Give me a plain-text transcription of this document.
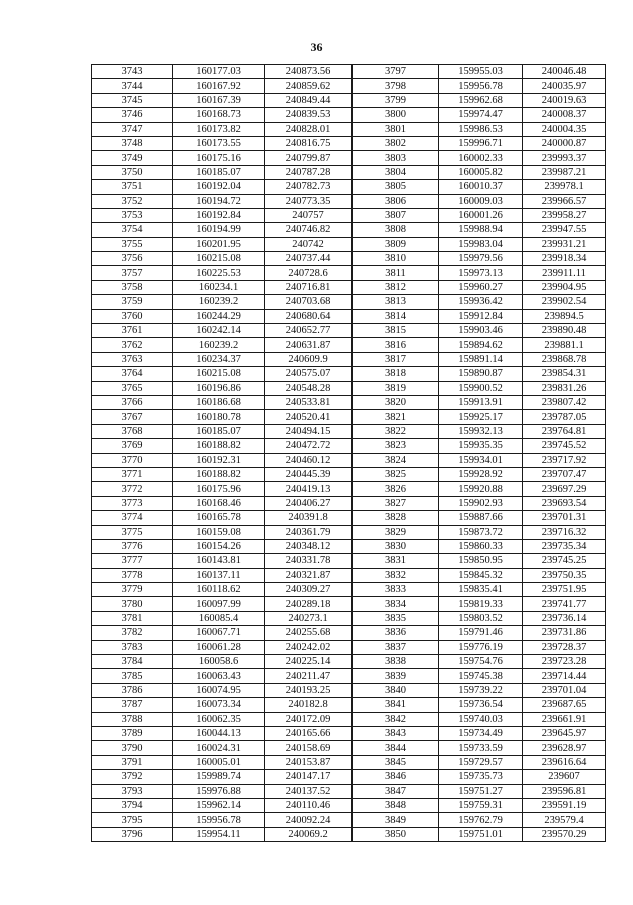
36
3743	160177.03	240873.56	3797	159955.03	240046.48
3744	160167.92	240859.62	3798	159956.78	240035.97
3745	160167.39	240849.44	3799	159962.68	240019.63
3746	160168.73	240839.53	3800	159974.47	240008.37
3747	160173.82	240828.01	3801	159986.53	240004.35
3748	160173.55	240816.75	3802	159996.71	240000.87
3749	160175.16	240799.87	3803	160002.33	239993.37
3750	160185.07	240787.28	3804	160005.82	239987.21
3751	160192.04	240782.73	3805	160010.37	239978.1
3752	160194.72	240773.35	3806	160009.03	239966.57
3753	160192.84	240757	3807	160001.26	239958.27
3754	160194.99	240746.82	3808	159988.94	239947.55
3755	160201.95	240742	3809	159983.04	239931.21
3756	160215.08	240737.44	3810	159979.56	239918.34
3757	160225.53	240728.6	3811	159973.13	239911.11
3758	160234.1	240716.81	3812	159960.27	239904.95
3759	160239.2	240703.68	3813	159936.42	239902.54
3760	160244.29	240680.64	3814	159912.84	239894.5
3761	160242.14	240652.77	3815	159903.46	239890.48
3762	160239.2	240631.87	3816	159894.62	239881.1
3763	160234.37	240609.9	3817	159891.14	239868.78
3764	160215.08	240575.07	3818	159890.87	239854.31
3765	160196.86	240548.28	3819	159900.52	239831.26
3766	160186.68	240533.81	3820	159913.91	239807.42
3767	160180.78	240520.41	3821	159925.17	239787.05
3768	160185.07	240494.15	3822	159932.13	239764.81
3769	160188.82	240472.72	3823	159935.35	239745.52
3770	160192.31	240460.12	3824	159934.01	239717.92
3771	160188.82	240445.39	3825	159928.92	239707.47
3772	160175.96	240419.13	3826	159920.88	239697.29
3773	160168.46	240406.27	3827	159902.93	239693.54
3774	160165.78	240391.8	3828	159887.66	239701.31
3775	160159.08	240361.79	3829	159873.72	239716.32
3776	160154.26	240348.12	3830	159860.33	239735.34
3777	160143.81	240331.78	3831	159850.95	239745.25
3778	160137.11	240321.87	3832	159845.32	239750.35
3779	160118.62	240309.27	3833	159835.41	239751.95
3780	160097.99	240289.18	3834	159819.33	239741.77
3781	160085.4	240273.1	3835	159803.52	239736.14
3782	160067.71	240255.68	3836	159791.46	239731.86
3783	160061.28	240242.02	3837	159776.19	239728.37
3784	160058.6	240225.14	3838	159754.76	239723.28
3785	160063.43	240211.47	3839	159745.38	239714.44
3786	160074.95	240193.25	3840	159739.22	239701.04
3787	160073.34	240182.8	3841	159736.54	239687.65
3788	160062.35	240172.09	3842	159740.03	239661.91
3789	160044.13	240165.66	3843	159734.49	239645.97
3790	160024.31	240158.69	3844	159733.59	239628.97
3791	160005.01	240153.87	3845	159729.57	239616.64
3792	159989.74	240147.17	3846	159735.73	239607
3793	159976.88	240137.52	3847	159751.27	239596.81
3794	159962.14	240110.46	3848	159759.31	239591.19
3795	159956.78	240092.24	3849	159762.79	239579.4
3796	159954.11	240069.2	3850	159751.01	239570.29
